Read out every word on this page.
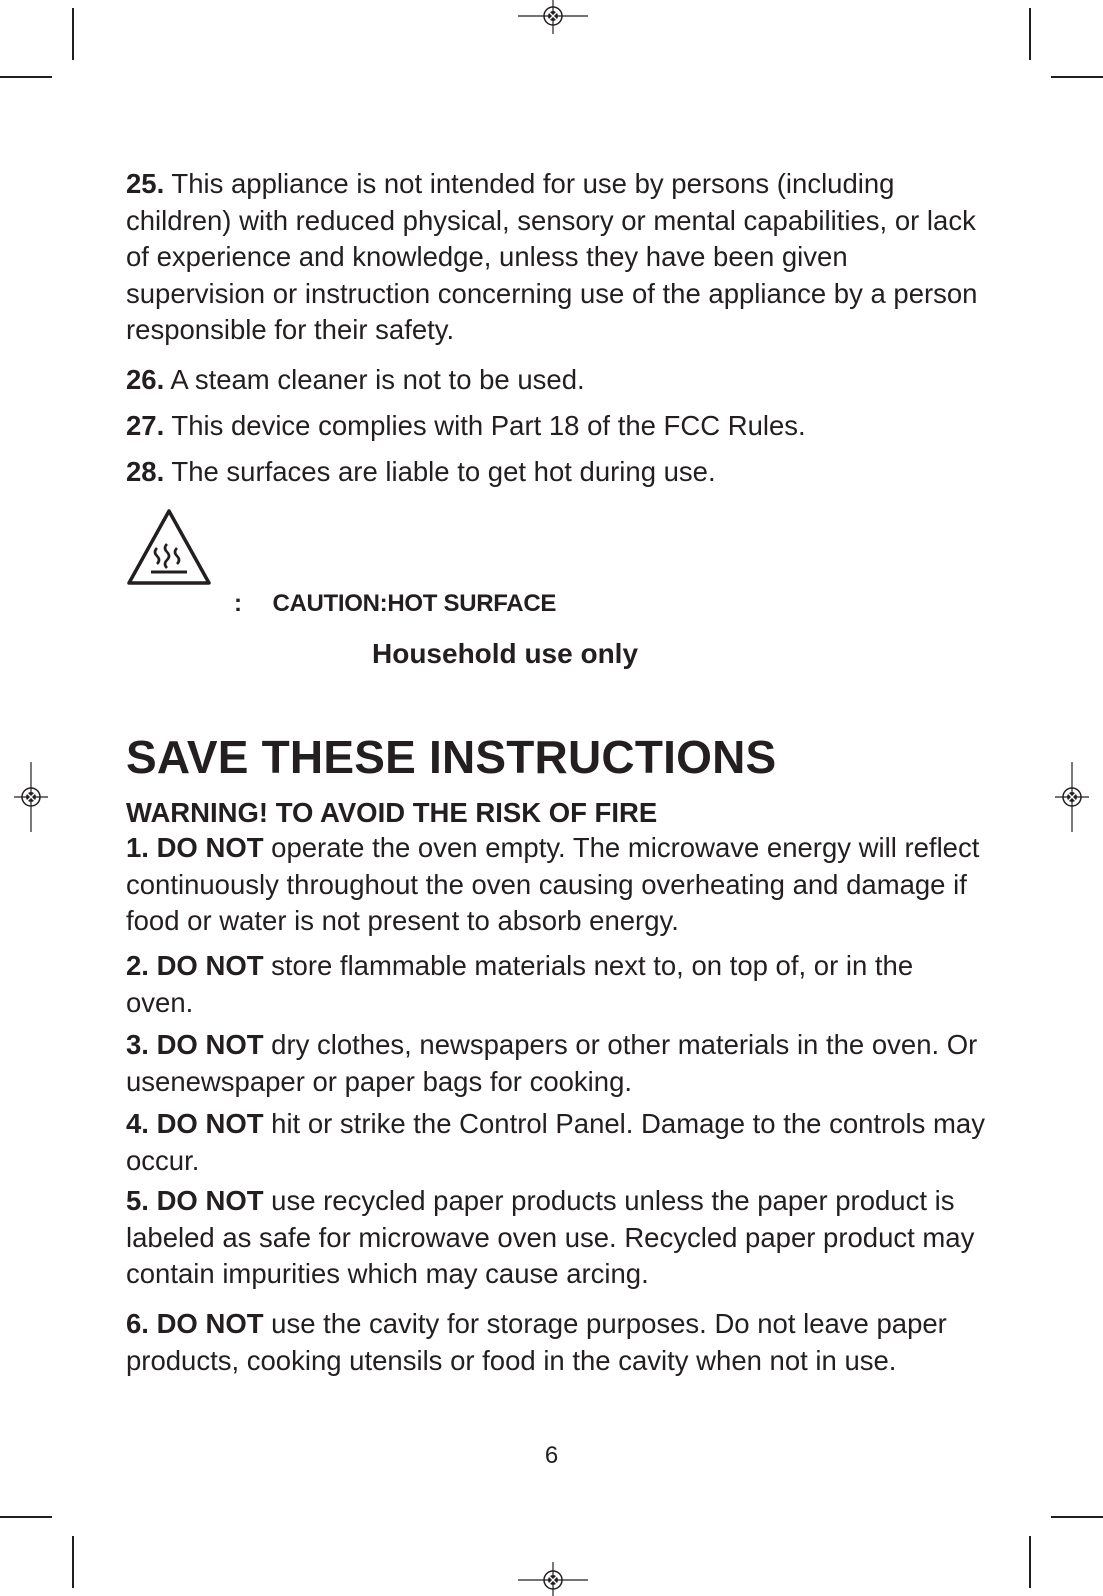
25. This appliance is not intended for use by persons (including children) with reduced physical, sensory or mental capabilities, or lack of experience and knowledge, unless they have been given supervision or instruction concerning use of the appliance by a person responsible for their safety.
26. A steam cleaner is not to be used.
27. This device complies with Part 18 of the FCC Rules.
28. The surfaces are liable to get hot during use.
: CAUTION:HOT SURFACE
Household use only
SAVE THESE INSTRUCTIONS
WARNING! TO AVOID THE RISK OF FIRE
1. DO NOT operate the oven empty. The microwave energy will reflect continuously throughout the oven causing overheating and damage if food or water is not present to absorb energy.
2. DO NOT store flammable materials next to, on top of, or in the oven.
3. DO NOT dry clothes, newspapers or other materials in the oven. Or usenewspaper or paper bags for cooking.
4. DO NOT hit or strike the Control Panel. Damage to the controls may occur.
5. DO NOT use recycled paper products unless the paper product is labeled as safe for microwave oven use. Recycled paper product may contain impurities which may cause arcing.
6. DO NOT use the cavity for storage purposes. Do not leave paper products, cooking utensils or food in the cavity when not in use.
6
